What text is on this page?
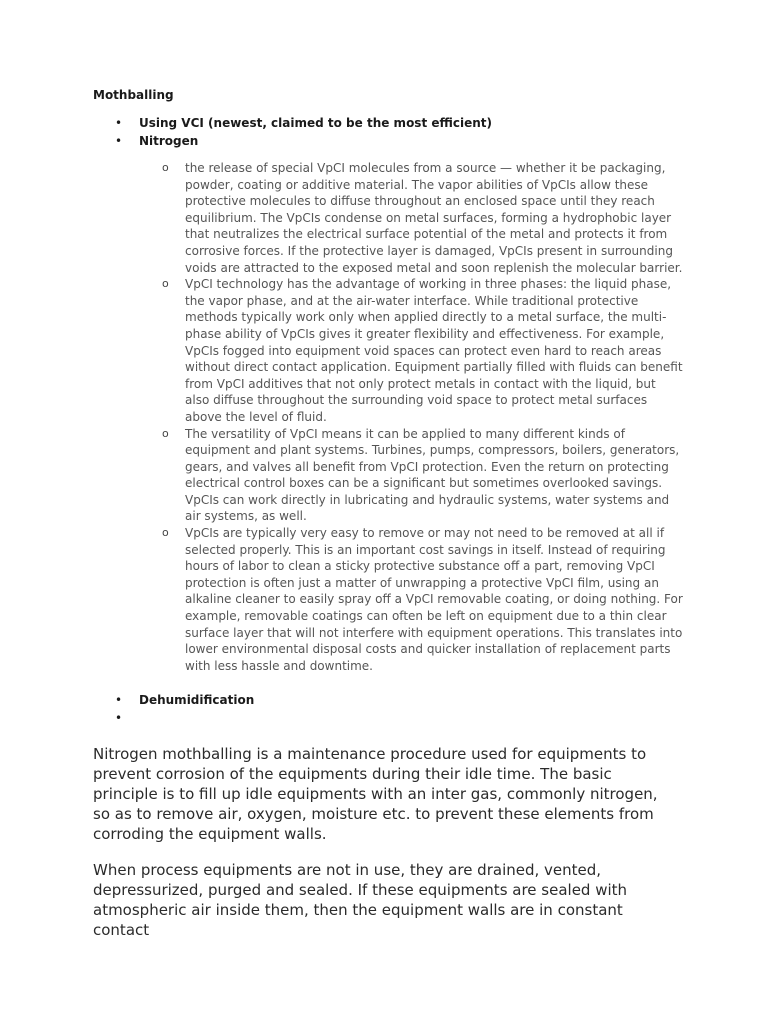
Mothballing
• Using VCI (newest, claimed to be the most efficient)
• Nitrogen
o the release of special VpCI molecules from a source — whether it be packaging, powder, coating or additive material. The vapor abilities of VpCIs allow these protective molecules to diffuse throughout an enclosed space until they reach equilibrium. The VpCIs condense on metal surfaces, forming a hydrophobic layer that neutralizes the electrical surface potential of the metal and protects it from corrosive forces. If the protective layer is damaged, VpCIs present in surrounding voids are attracted to the exposed metal and soon replenish the molecular barrier.
o VpCI technology has the advantage of working in three phases: the liquid phase, the vapor phase, and at the air-water interface. While traditional protective methods typically work only when applied directly to a metal surface, the multi-phase ability of VpCIs gives it greater flexibility and effectiveness. For example, VpCIs fogged into equipment void spaces can protect even hard to reach areas without direct contact application. Equipment partially filled with fluids can benefit from VpCI additives that not only protect metals in contact with the liquid, but also diffuse throughout the surrounding void space to protect metal surfaces above the level of fluid.
o The versatility of VpCI means it can be applied to many different kinds of equipment and plant systems. Turbines, pumps, compressors, boilers, generators, gears, and valves all benefit from VpCI protection. Even the return on protecting electrical control boxes can be a significant but sometimes overlooked savings. VpCIs can work directly in lubricating and hydraulic systems, water systems and air systems, as well.
o VpCIs are typically very easy to remove or may not need to be removed at all if selected properly. This is an important cost savings in itself. Instead of requiring hours of labor to clean a sticky protective substance off a part, removing VpCI protection is often just a matter of unwrapping a protective VpCI film, using an alkaline cleaner to easily spray off a VpCI removable coating, or doing nothing. For example, removable coatings can often be left on equipment due to a thin clear surface layer that will not interfere with equipment operations. This translates into lower environmental disposal costs and quicker installation of replacement parts with less hassle and downtime.
• Dehumidification
•

Nitrogen mothballing is a maintenance procedure used for equipments to prevent corrosion of the equipments during their idle time. The basic principle is to fill up idle equipments with an inter gas, commonly nitrogen, so as to remove air, oxygen, moisture etc. to prevent these elements from corroding the equipment walls.

When process equipments are not in use, they are drained, vented, depressurized, purged and sealed. If these equipments are sealed with atmospheric air inside them, then the equipment walls are in constant contact
